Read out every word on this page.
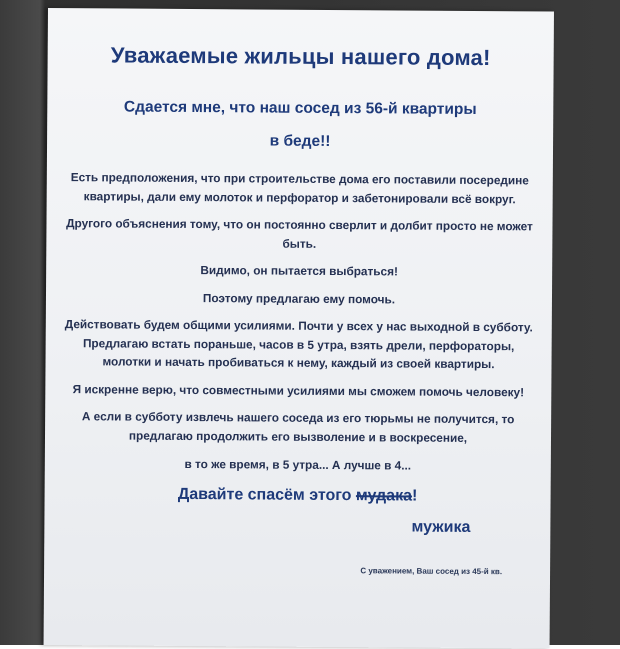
Уважаемые жильцы нашего дома!
Сдается мне, что наш сосед из 56-й квартиры
в беде!!
Есть предположения, что при строительстве дома его поставили посередине квартиры, дали ему молоток и перфоратор и забетонировали всё вокруг.
Другого объяснения тому, что он постоянно сверлит и долбит просто не может быть.
Видимо, он пытается выбраться!
Поэтому предлагаю ему помочь.
Действовать будем общими усилиями. Почти у всех у нас выходной в субботу. Предлагаю встать пораньше, часов в 5 утра, взять дрели, перфораторы, молотки и начать пробиваться к нему, каждый из своей квартиры.
Я искренне верю, что совместными усилиями мы сможем помочь человеку!
А если в субботу извлечь нашего соседа из его тюрьмы не получится, то предлагаю продолжить его вызволение и в воскресение,
в то же время, в 5 утра... А лучше в 4...
Давайте спасём этого мудака!
мужика
С уважением, Ваш сосед из 45-й кв.
